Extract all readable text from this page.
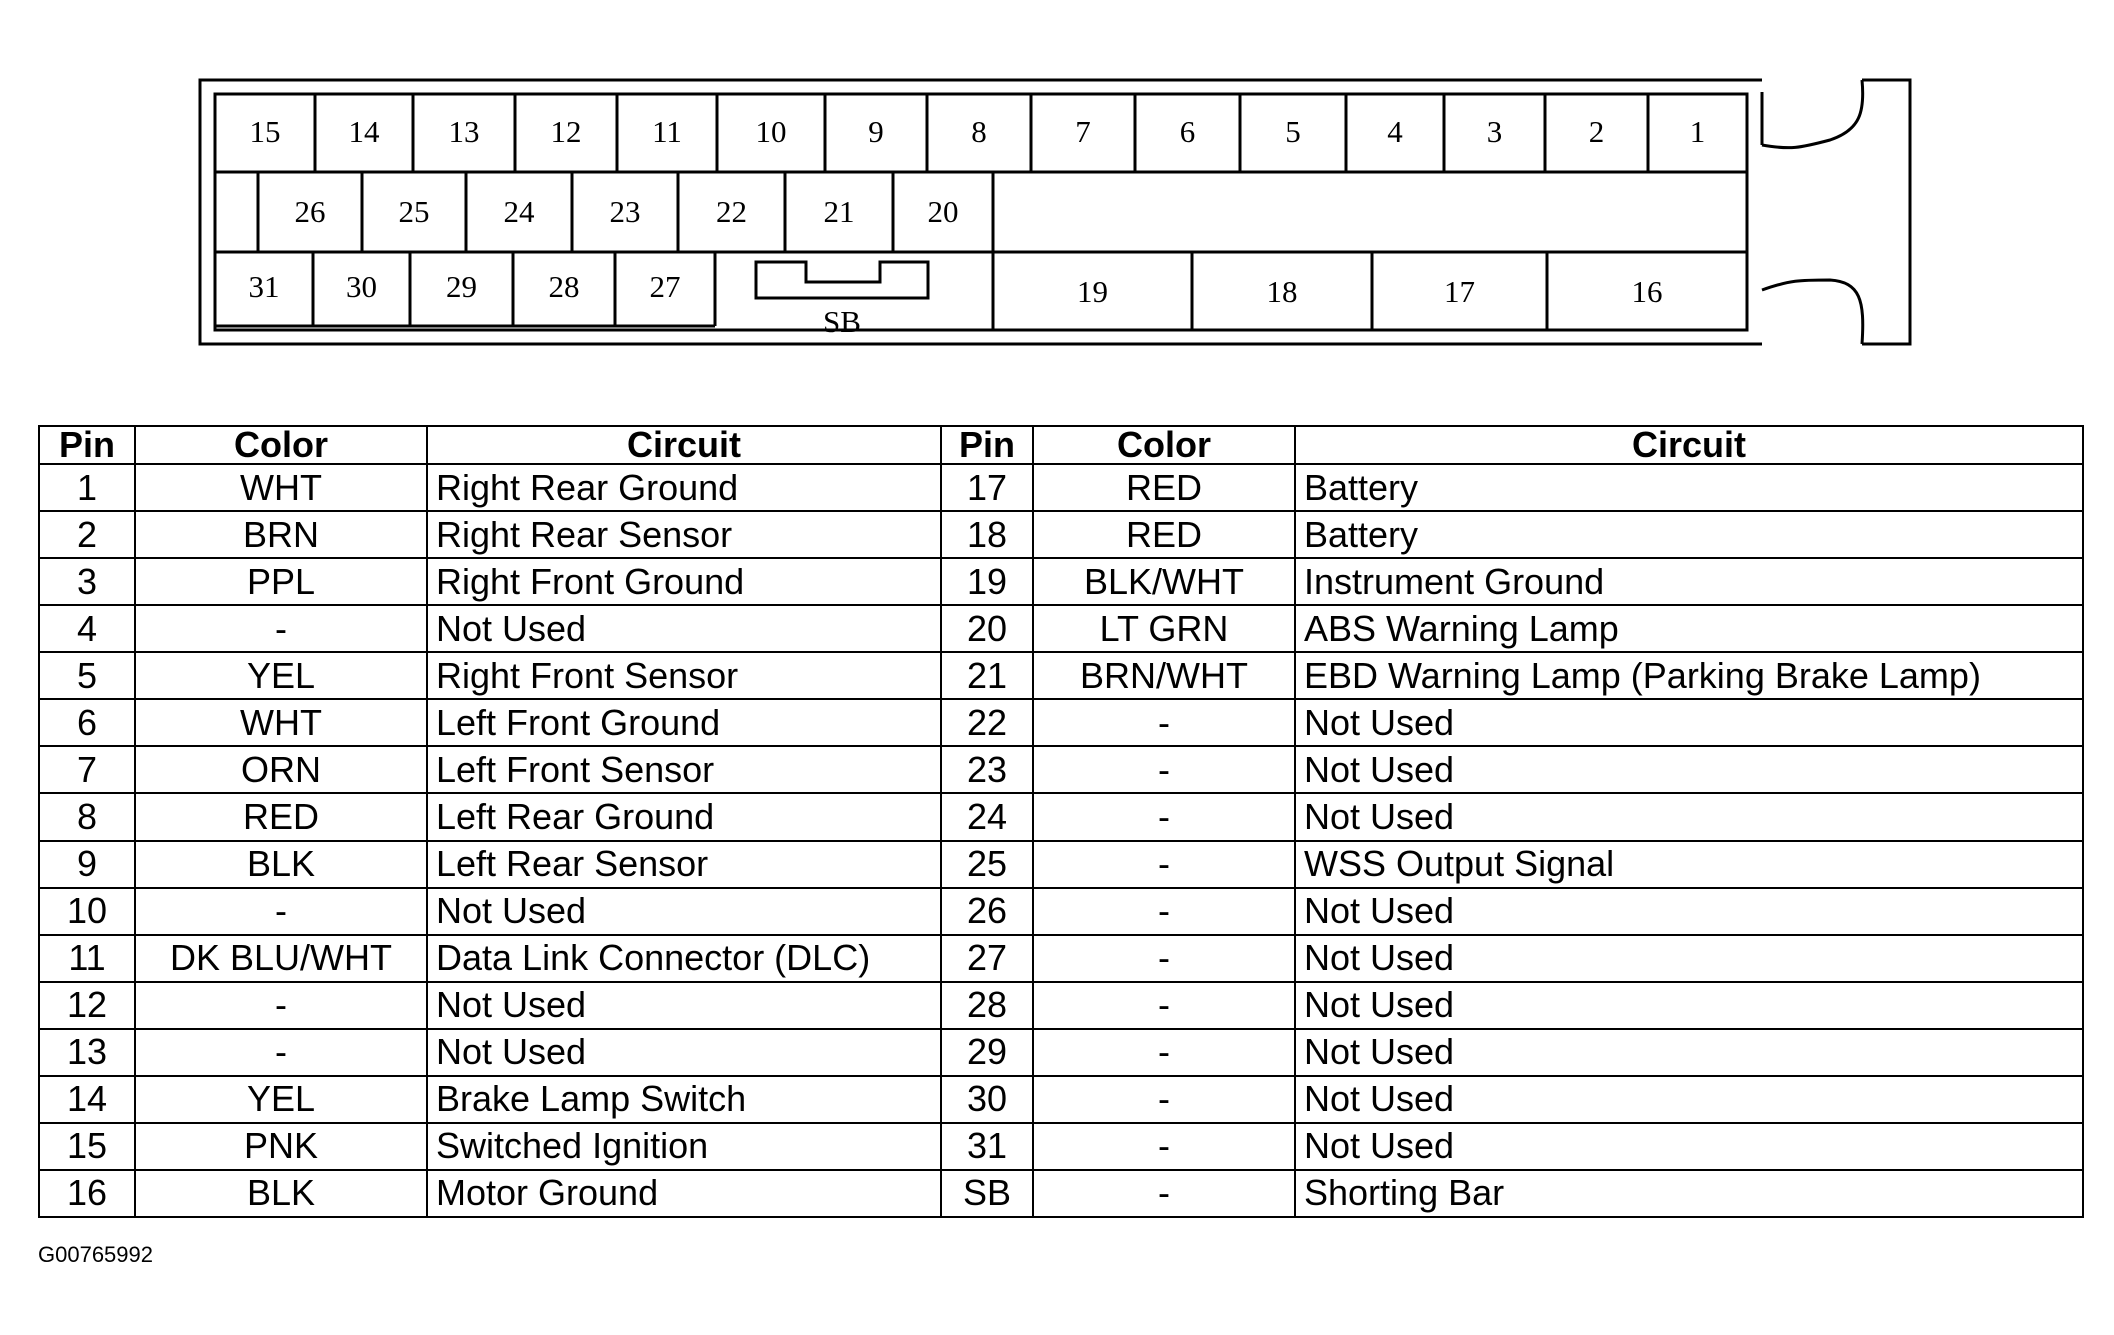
15 14 13 12 11 10	9	8	7	6	5	4	3	2	1
26 25 24 23 22 21 20
31 30 29 28 27	19	18	17	16
SB
Pin	Color	Circuit	Pin	Color	Circuit
1	WHT	Right Rear Ground	17	RED	Battery
2	BRN	Right Rear Sensor	18	RED	Battery
3	PPL	Right Front Ground	19	BLK/WHT	Instrument Ground
4	-	Not Used	20	LT GRN	ABS Warning Lamp
5	YEL	Right Front Sensor	21	BRN/WHT	EBD Warning Lamp (Parking Brake Lamp)
6	WHT	Left Front Ground	22	-	Not Used
7	ORN	Left Front Sensor	23	-	Not Used
8	RED	Left Rear Ground	24	-	Not Used
9	BLK	Left Rear Sensor	25	-	WSS Output Signal
10	-	Not Used	26	-	Not Used
11	DK BLU/WHT	Data Link Connector (DLC)	27	-	Not Used
12	-	Not Used	28	-	Not Used
13	-	Not Used	29	-	Not Used
14	YEL	Brake Lamp Switch	30	-	Not Used
15	PNK	Switched Ignition	31	-	Not Used
16	BLK	Motor Ground	SB	-	Shorting Bar
G00765992
